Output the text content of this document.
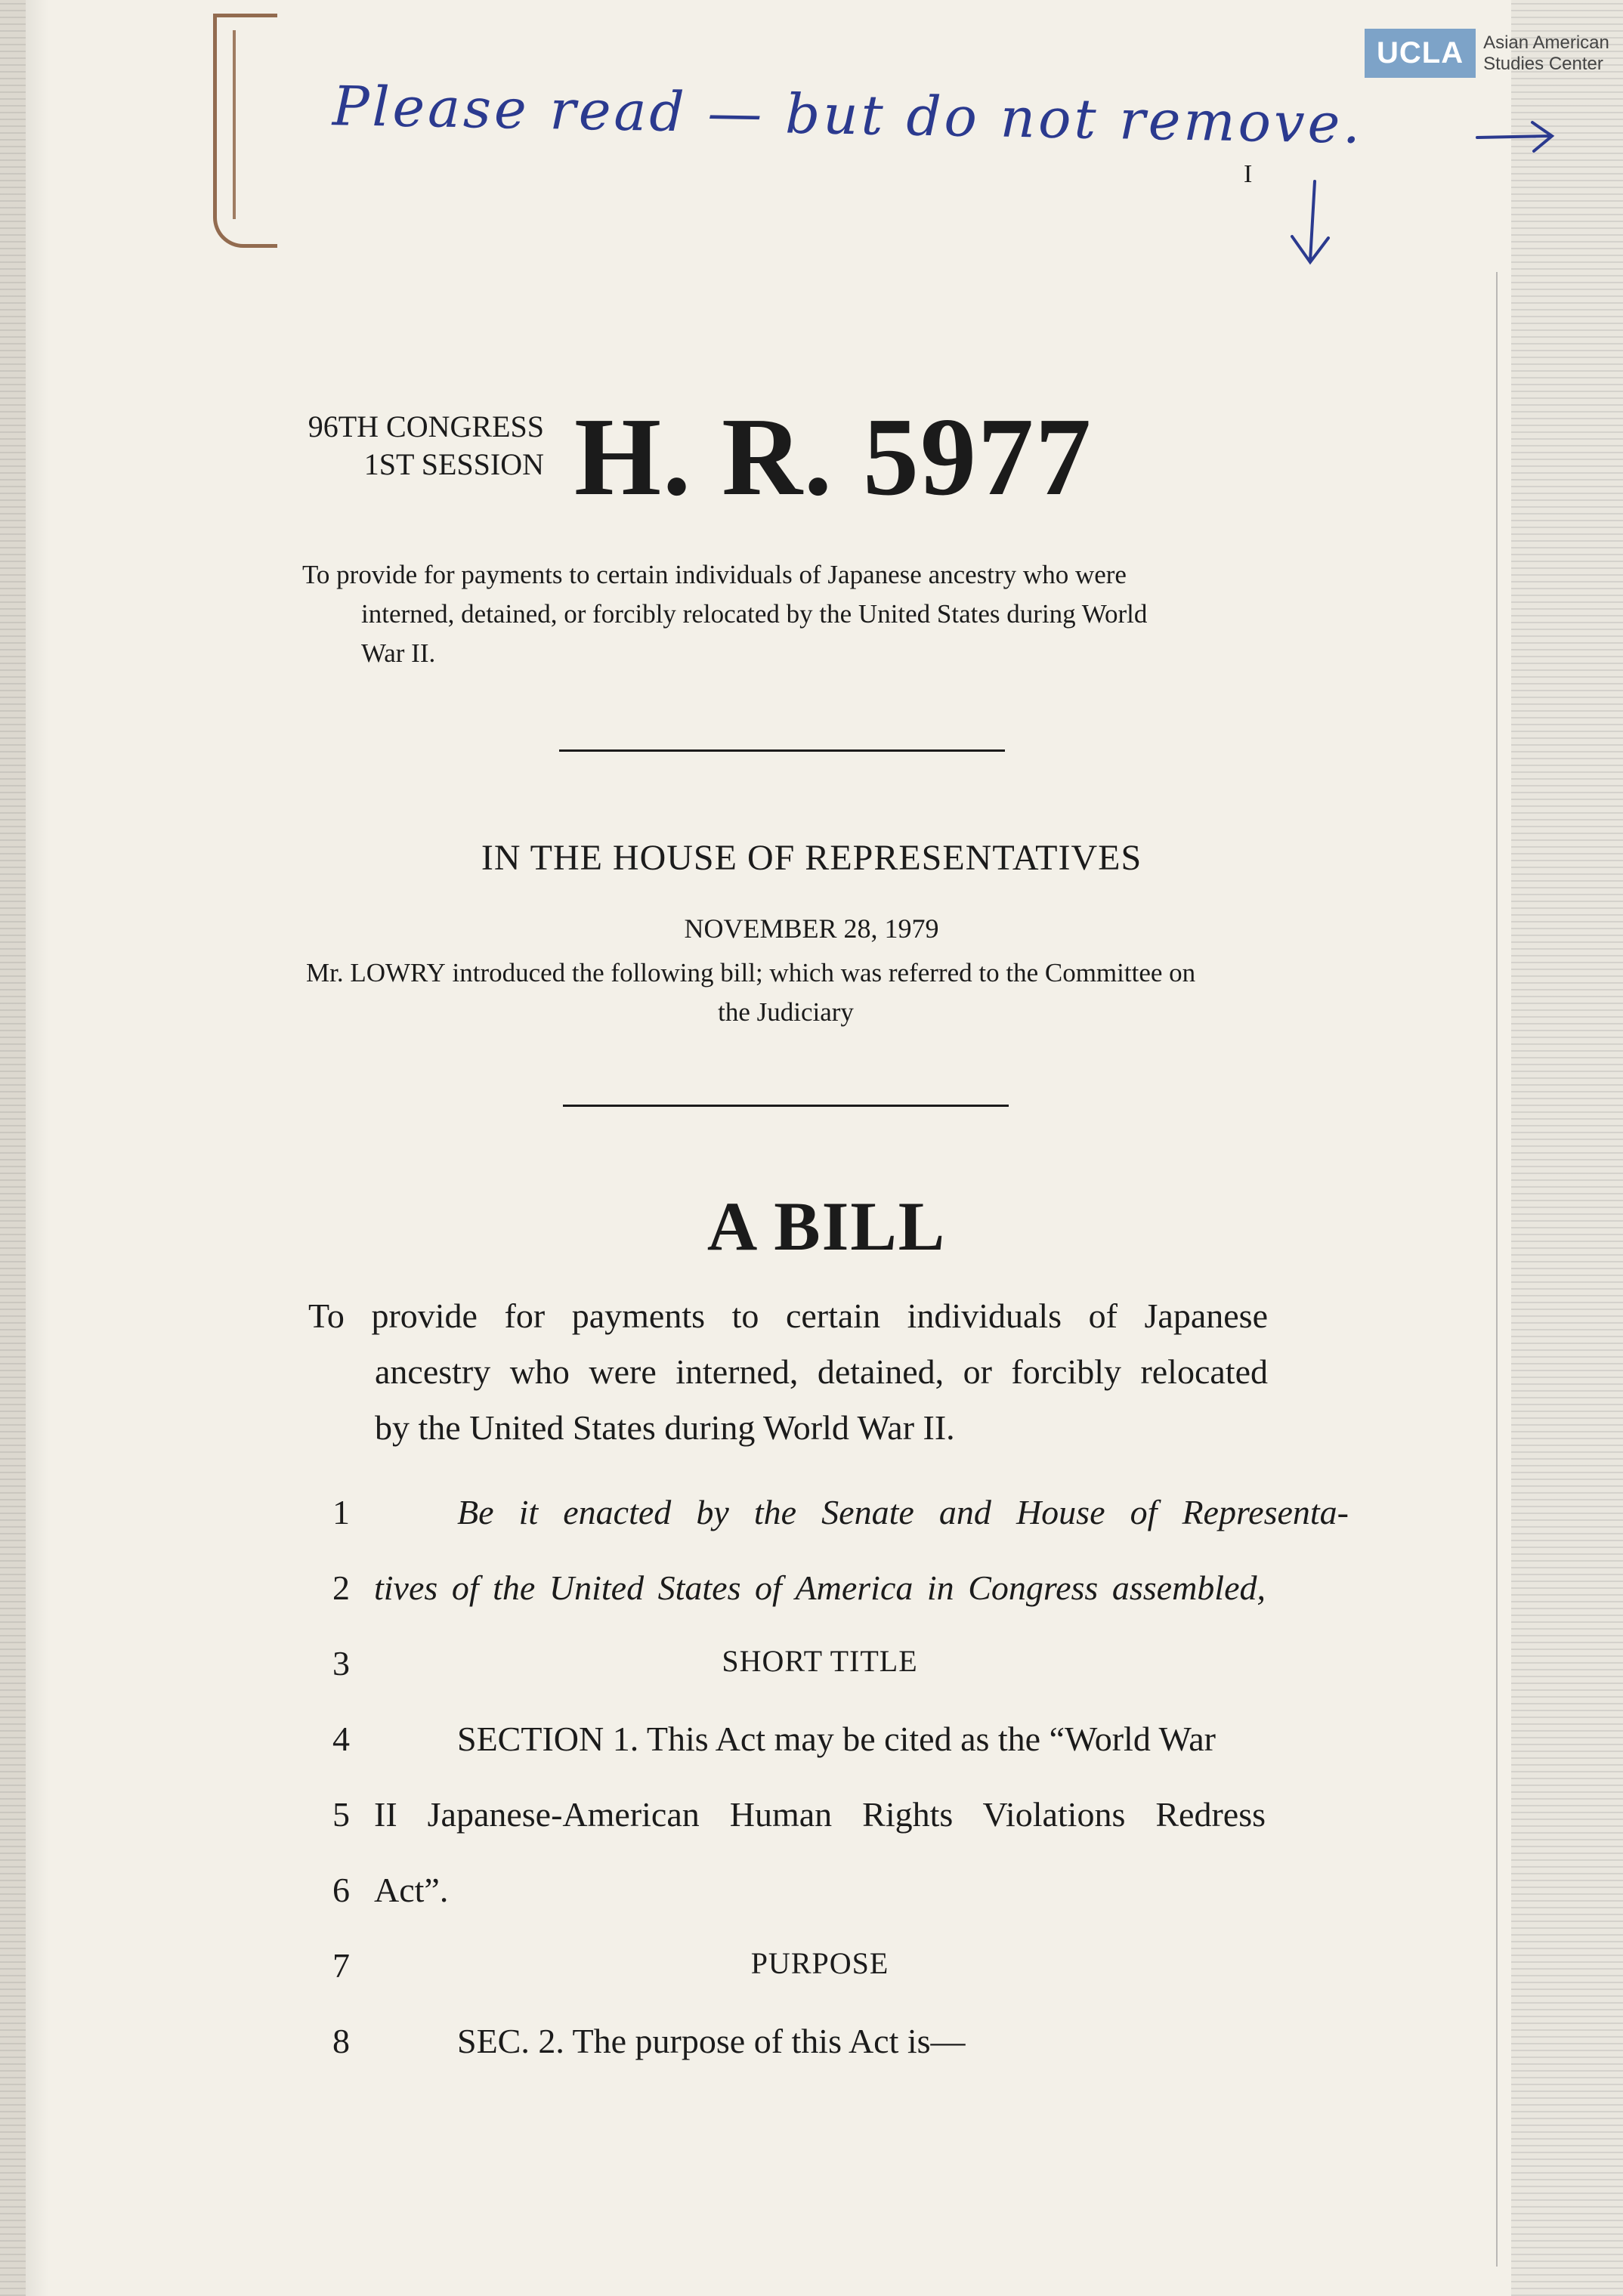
UCLA	Asian American
Studies Center
Please read — but do not remove.
I
96TH CONGRESS
1ST SESSION H. R. 5977
To provide for payments to certain individuals of Japanese ancestry who were
interned, detained, or forcibly relocated by the United States during World
War II.
IN THE HOUSE OF REPRESENTATIVES
NOVEMBER 28, 1979
Mr. LOWRY introduced the following bill; which was referred to the Committee on
the Judiciary
A BILL
To provide for payments to certain individuals of Japanese
ancestry who were interned, detained, or forcibly relocated
by the United States during World War II.
1	Be it enacted by the Senate and House of Representa-
2 tives of the United States of America in Congress assembled,
3	SHORT TITLE
4	SECTION 1. This Act may be cited as the “World War
5 II Japanese-American Human Rights Violations Redress
6 Act”.
7	PURPOSE
8	SEC. 2. The purpose of this Act is—
